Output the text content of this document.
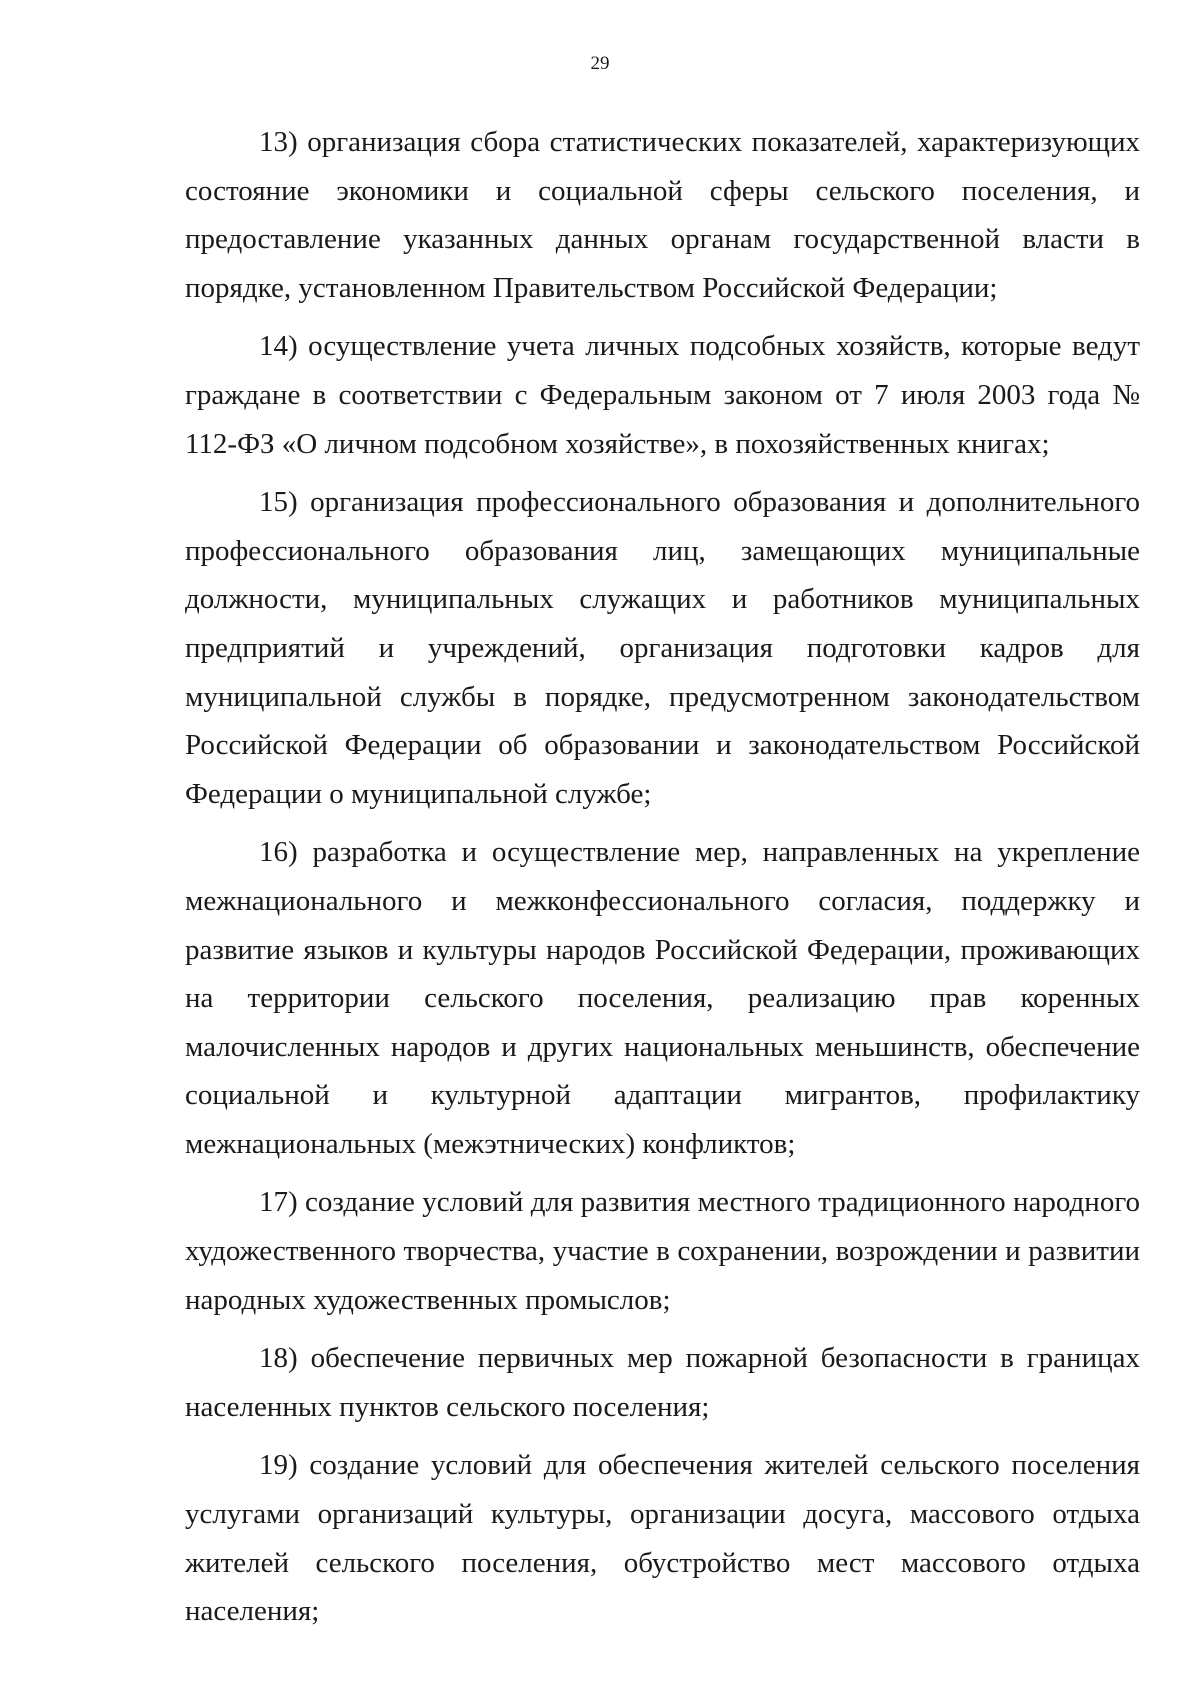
29

13) организация сбора статистических показателей, характеризующих состояние экономики и социальной сферы сельского поселения, и предоставление указанных данных органам государственной власти в порядке, установленном Правительством Российской Федерации;

14) осуществление учета личных подсобных хозяйств, которые ведут граждане в соответствии с Федеральным законом от 7 июля 2003 года № 112-ФЗ «О личном подсобном хозяйстве», в похозяйственных книгах;

15) организация профессионального образования и дополнительного профессионального образования лиц, замещающих муниципальные должности, муниципальных служащих и работников муниципальных предприятий и учреждений, организация подготовки кадров для муниципальной службы в порядке, предусмотренном законодательством Российской Федерации об образовании и законодательством Российской Федерации о муниципальной службе;

16) разработка и осуществление мер, направленных на укрепление межнационального и межконфессионального согласия, поддержку и развитие языков и культуры народов Российской Федерации, проживающих на территории сельского поселения, реализацию прав коренных малочисленных народов и других национальных меньшинств, обеспечение социальной и культурной адаптации мигрантов, профилактику межнациональных (межэтнических) конфликтов;

17) создание условий для развития местного традиционного народного художественного творчества, участие в сохранении, возрождении и развитии народных художественных промыслов;

18) обеспечение первичных мер пожарной безопасности в границах населенных пунктов сельского поселения;

19) создание условий для обеспечения жителей сельского поселения услугами организаций культуры, организации досуга, массового отдыха жителей сельского поселения, обустройство мест массового отдыха населения;
